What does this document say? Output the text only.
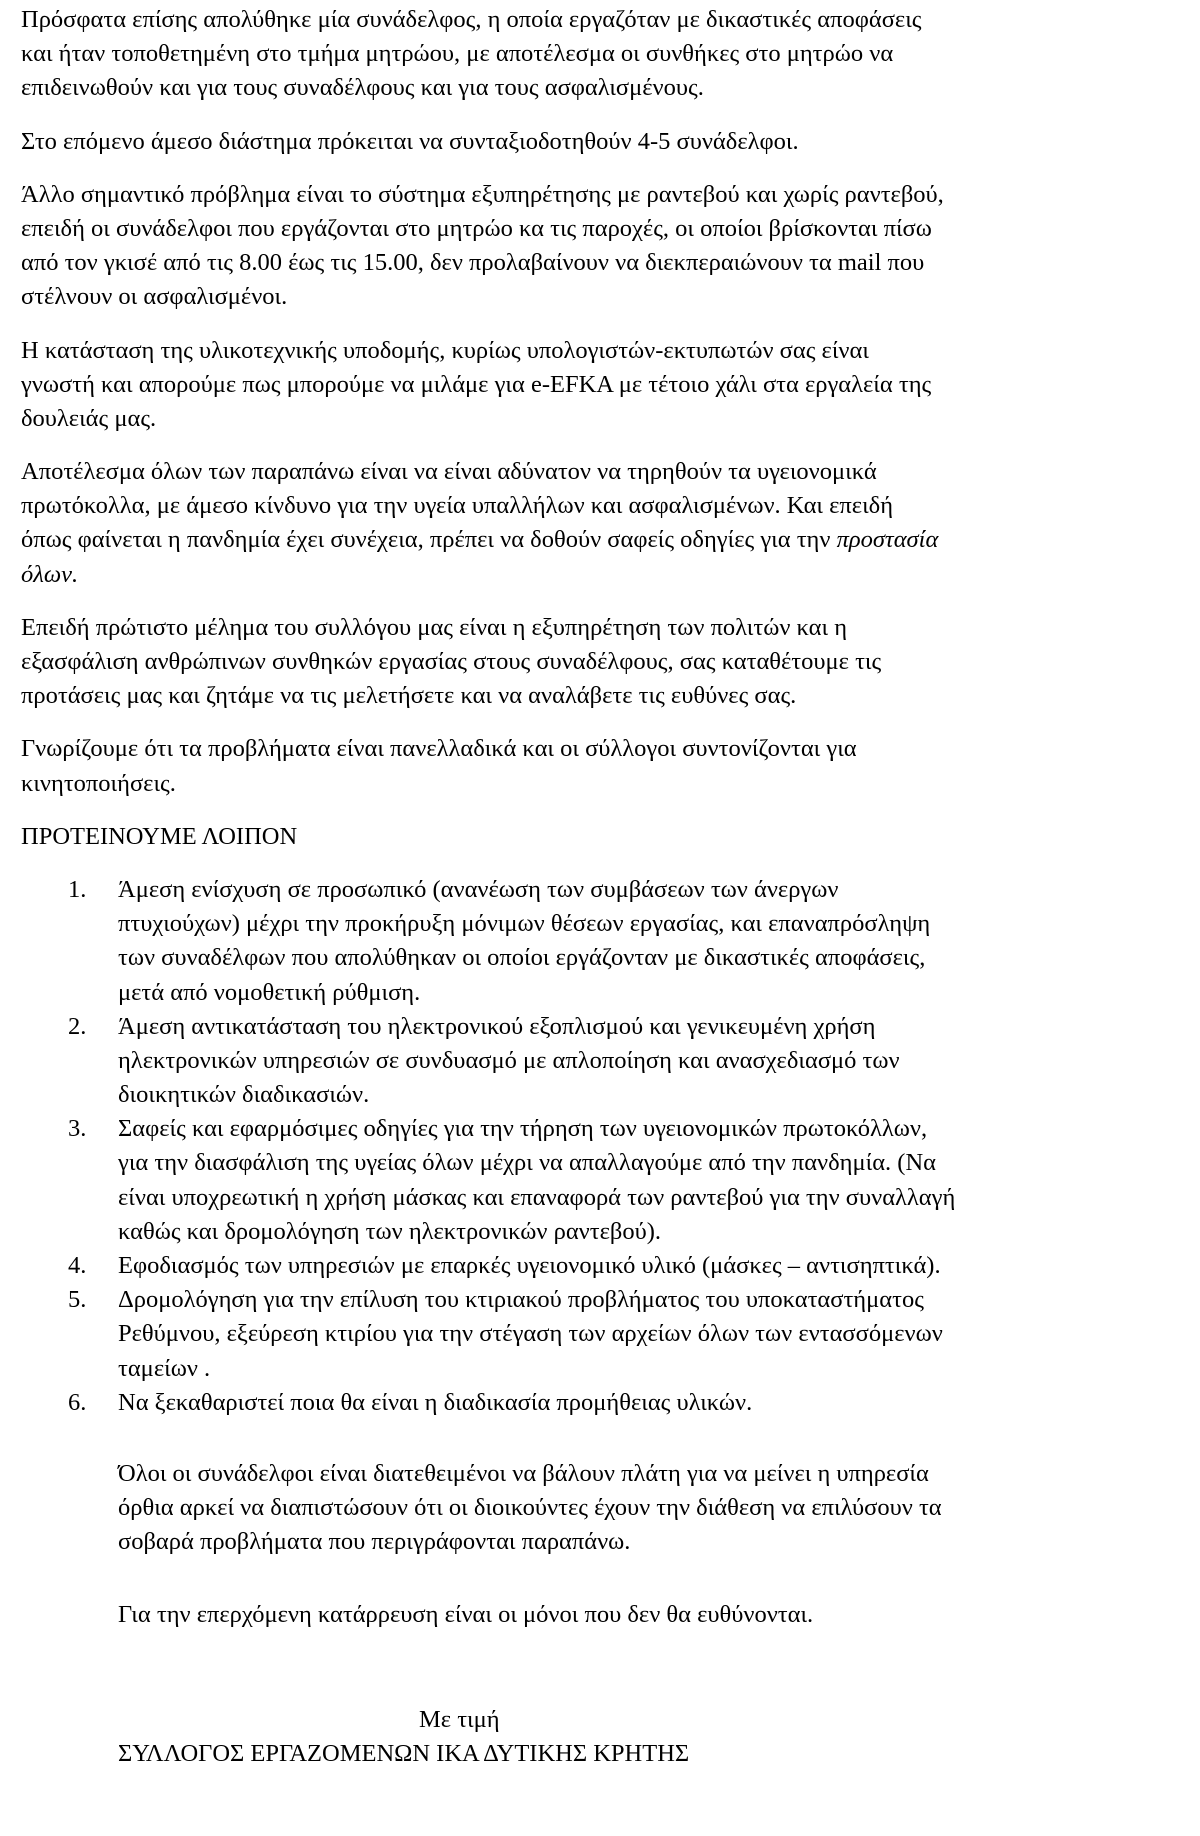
Πρόσφατα επίσης απολύθηκε μία συνάδελφος, η οποία εργαζόταν με δικαστικές αποφάσεις
και ήταν τοποθετημένη στο τμήμα μητρώου, με αποτέλεσμα οι συνθήκες στο μητρώο να
επιδεινωθούν και για τους συναδέλφους και για τους ασφαλισμένους.
Στο επόμενο άμεσο διάστημα πρόκειται να συνταξιοδοτηθούν 4-5 συνάδελφοι.
Άλλο σημαντικό πρόβλημα είναι το σύστημα εξυπηρέτησης με ραντεβού και χωρίς ραντεβού,
επειδή οι συνάδελφοι που εργάζονται στο μητρώο κα τις παροχές, οι οποίοι βρίσκονται πίσω
από τον γκισέ από τις 8.00 έως τις 15.00, δεν προλαβαίνουν να διεκπεραιώνουν τα mail που
στέλνουν οι ασφαλισμένοι.
Η κατάσταση της υλικοτεχνικής υποδομής, κυρίως υπολογιστών-εκτυπωτών σας είναι
γνωστή και απορούμε πως μπορούμε να μιλάμε για e-EFKA με τέτοιο χάλι στα εργαλεία της
δουλειάς μας.
Αποτέλεσμα όλων των παραπάνω είναι να είναι αδύνατον να τηρηθούν τα υγειονομικά
πρωτόκολλα, με άμεσο κίνδυνο για την υγεία υπαλλήλων και ασφαλισμένων. Και επειδή
όπως φαίνεται η πανδημία έχει συνέχεια, πρέπει να δοθούν σαφείς οδηγίες για την προστασία
όλων.
Επειδή πρώτιστο μέλημα του συλλόγου μας είναι η εξυπηρέτηση των πολιτών και η
εξασφάλιση ανθρώπινων συνθηκών εργασίας στους συναδέλφους, σας καταθέτουμε τις
προτάσεις μας και ζητάμε να τις μελετήσετε και να αναλάβετε τις ευθύνες σας.
Γνωρίζουμε ότι τα προβλήματα είναι πανελλαδικά και οι σύλλογοι συντονίζονται για
κινητοποιήσεις.
ΠΡΟΤΕΙΝΟΥΜΕ ΛΟΙΠΟΝ
1. Άμεση ενίσχυση σε προσωπικό (ανανέωση των συμβάσεων των άνεργων
πτυχιούχων) μέχρι την προκήρυξη μόνιμων θέσεων εργασίας, και επαναπρόσληψη
των συναδέλφων που απολύθηκαν οι οποίοι εργάζονταν με δικαστικές αποφάσεις,
μετά από νομοθετική ρύθμιση.
2. Άμεση αντικατάσταση του ηλεκτρονικού εξοπλισμού και γενικευμένη χρήση
ηλεκτρονικών υπηρεσιών σε συνδυασμό με απλοποίηση και ανασχεδιασμό των
διοικητικών διαδικασιών.
3. Σαφείς και εφαρμόσιμες οδηγίες για την τήρηση των υγειονομικών πρωτοκόλλων,
για την διασφάλιση της υγείας όλων μέχρι να απαλλαγούμε από την πανδημία. (Να
είναι υποχρεωτική η χρήση μάσκας και επαναφορά των ραντεβού για την συναλλαγή
καθώς και δρομολόγηση των ηλεκτρονικών ραντεβού).
4. Εφοδιασμός των υπηρεσιών με επαρκές υγειονομικό υλικό (μάσκες – αντισηπτικά).
5. Δρομολόγηση για την επίλυση του κτιριακού προβλήματος του υποκαταστήματος
Ρεθύμνου, εξεύρεση κτιρίου για την στέγαση των αρχείων όλων των εντασσόμενων
ταμείων .
6. Να ξεκαθαριστεί ποια θα είναι η διαδικασία προμήθειας υλικών.
Όλοι οι συνάδελφοι είναι διατεθειμένοι να βάλουν πλάτη για να μείνει η υπηρεσία
όρθια αρκεί να διαπιστώσουν ότι οι διοικούντες έχουν την διάθεση να επιλύσουν τα
σοβαρά προβλήματα που περιγράφονται παραπάνω.
Για την επερχόμενη κατάρρευση είναι οι μόνοι που δεν θα ευθύνονται.
Με τιμή
ΣΥΛΛΟΓΟΣ ΕΡΓΑΖΟΜΕΝΩΝ ΙΚΑ ΔΥΤΙΚΗΣ ΚΡΗΤΗΣ
